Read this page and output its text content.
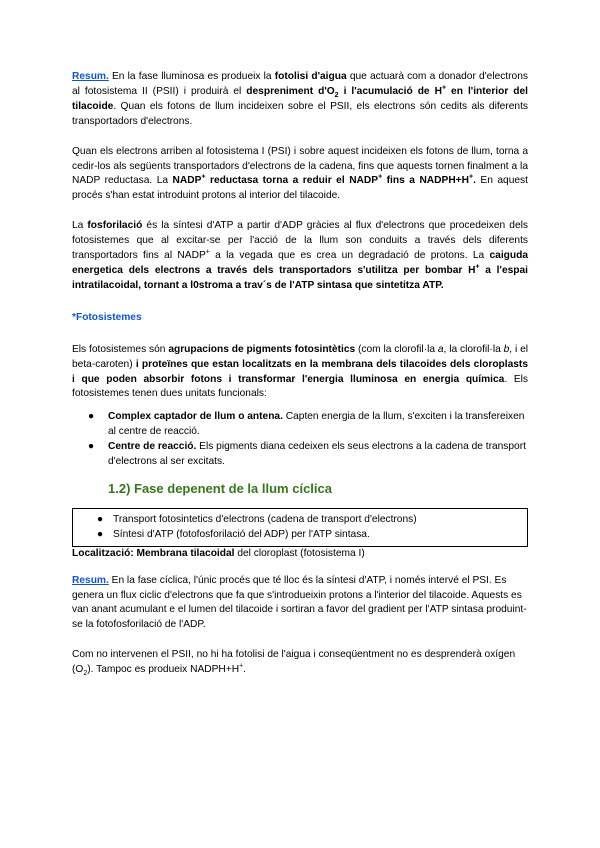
Resum. En la fase lluminosa es produeix la fotolisi d'aigua que actuarà com a donador d'electrons al fotosistema II (PSII) i produirà el despreniment $d'O_2$ i l'acumulació de H+ en l'interior del tilacoide. Quan els fotons de llum incideixen sobre el PSII, els electrons són cedits als diferents transportadors d'electrons.

Quan els electrons arriben al fotosistema I (PSI) i sobre aquest incideixen els fotons de llum, torna a cedir-los als següents transportadors d'electrons de la cadena, fins que aquests tornen finalment a la NADP reductasa. La NADP+ reductasa torna a reduir el NADP+ fins a NADPH+H+. En aquest procés s'han estat introduint protons al interior del tilacoide.

La fosforilació és la síntesi d'ATP a partir d'ADP gràcies al flux d'electrons que procedeixen dels fotosistemes que al excitar-se per l'acció de la llum son conduits a través dels diferents transportadors fins al NADP+ a la vegada que es crea un degradació de protons. La caiguda energetica dels electrons a través dels transportadors s'utilitza per bombar H+ a l'espai intratilacoidal, tornant a l0stroma a trav´s de l'ATP sintasa que sintetitza ATP.

*Fotosistemes

Els fotosistemes són agrupacions de pigments fotosintètics (com la clorofil·la a, la clorofil·la b, i el beta-caroten) i proteïnes que estan localitzats en la membrana dels tilacoides dels cloroplasts i que poden absorbir fotons i transformar l'energia lluminosa en energia química. Els fotosistemes tenen dues unitats funcionals:

● Complex captador de llum o antena. Capten energia de la llum, s'exciten i la transfereixen al centre de reacció.
● Centre de reacció. Els pigments diana cedeixen els seus electrons a la cadena de transport d'electrons al ser excitats.
1.2) Fase depenent de la llum cíclica
● Transport fotosintetics d'electrons (cadena de transport d'electrons)
● Síntesi d'ATP (fotofosforilació del ADP) per l'ATP sintasa.

Localització: Membrana tilacoidal del cloroplast (fotosistema I)

Resum. En la fase cíclica, l'únic procés que té lloc és la síntesi d'ATP, i només intervé el PSI. Es genera un flux ciclic d'electrons que fa que s'introdueixin protons a l'interior del tilacoide. Aquests es van anant acumulant e el lumen del tilacoide i sortiran a favor del gradient per l'ATP sintasa produint-se la fotofosforilació de l'ADP.

Com no intervenen el PSII, no hi ha fotolisi de l'aigua i conseqüentment no es desprenderà oxígen $(O_2)$. Tampoc es produeix NADPH+H+.
